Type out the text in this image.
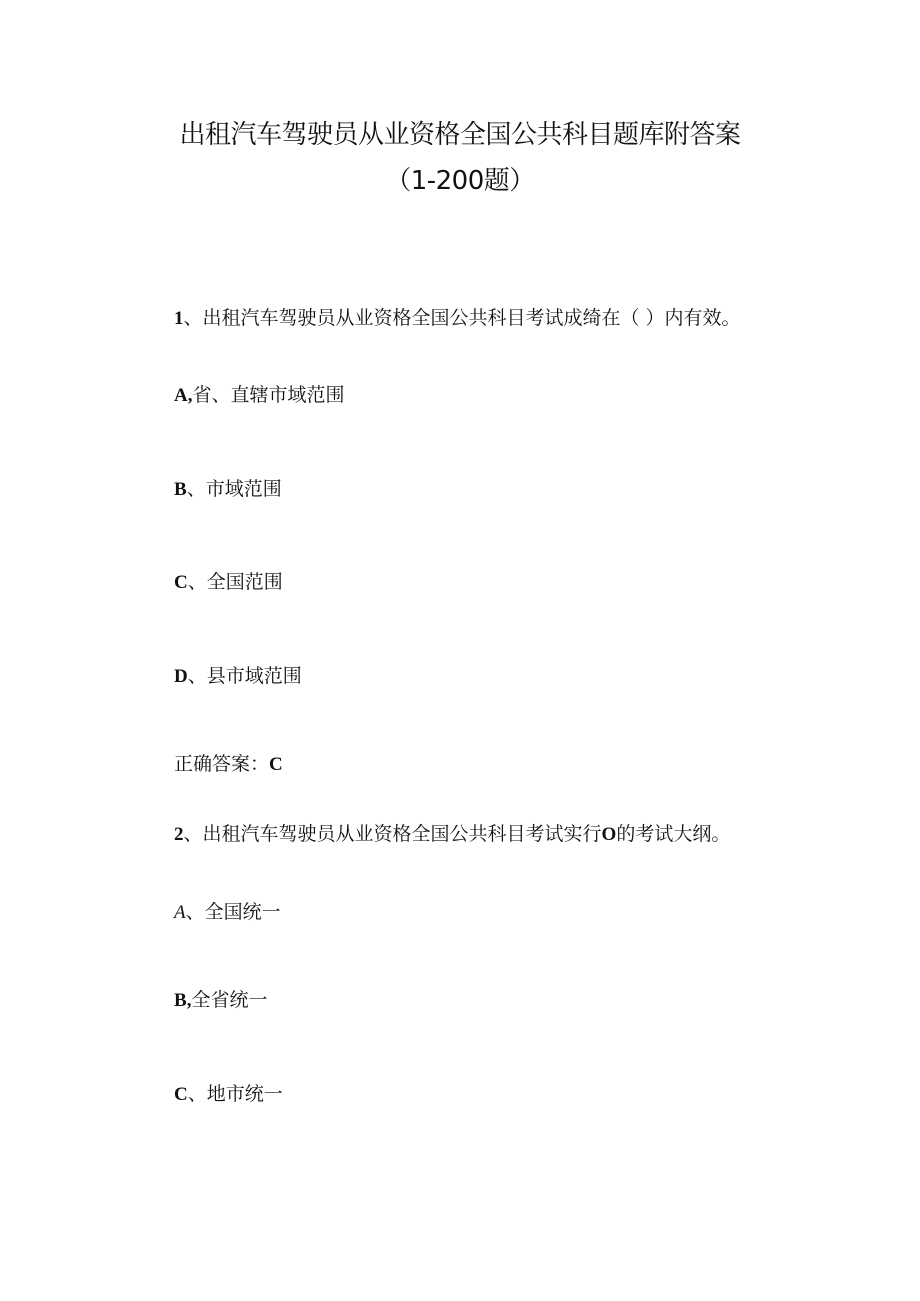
出租汽车驾驶员从业资格全国公共科目题库附答案
（1-200题）
1、出租汽车驾驶员从业资格全国公共科目考试成绮在（ ）内有效。
A,省、直辖市域范围
B、市域范围
C、全国范围
D、县市域范围
正确答案：C
2、出租汽车驾驶员从业资格全国公共科目考试实行O的考试大纲。
A、全国统一
B,全省统一
C、地市统一
